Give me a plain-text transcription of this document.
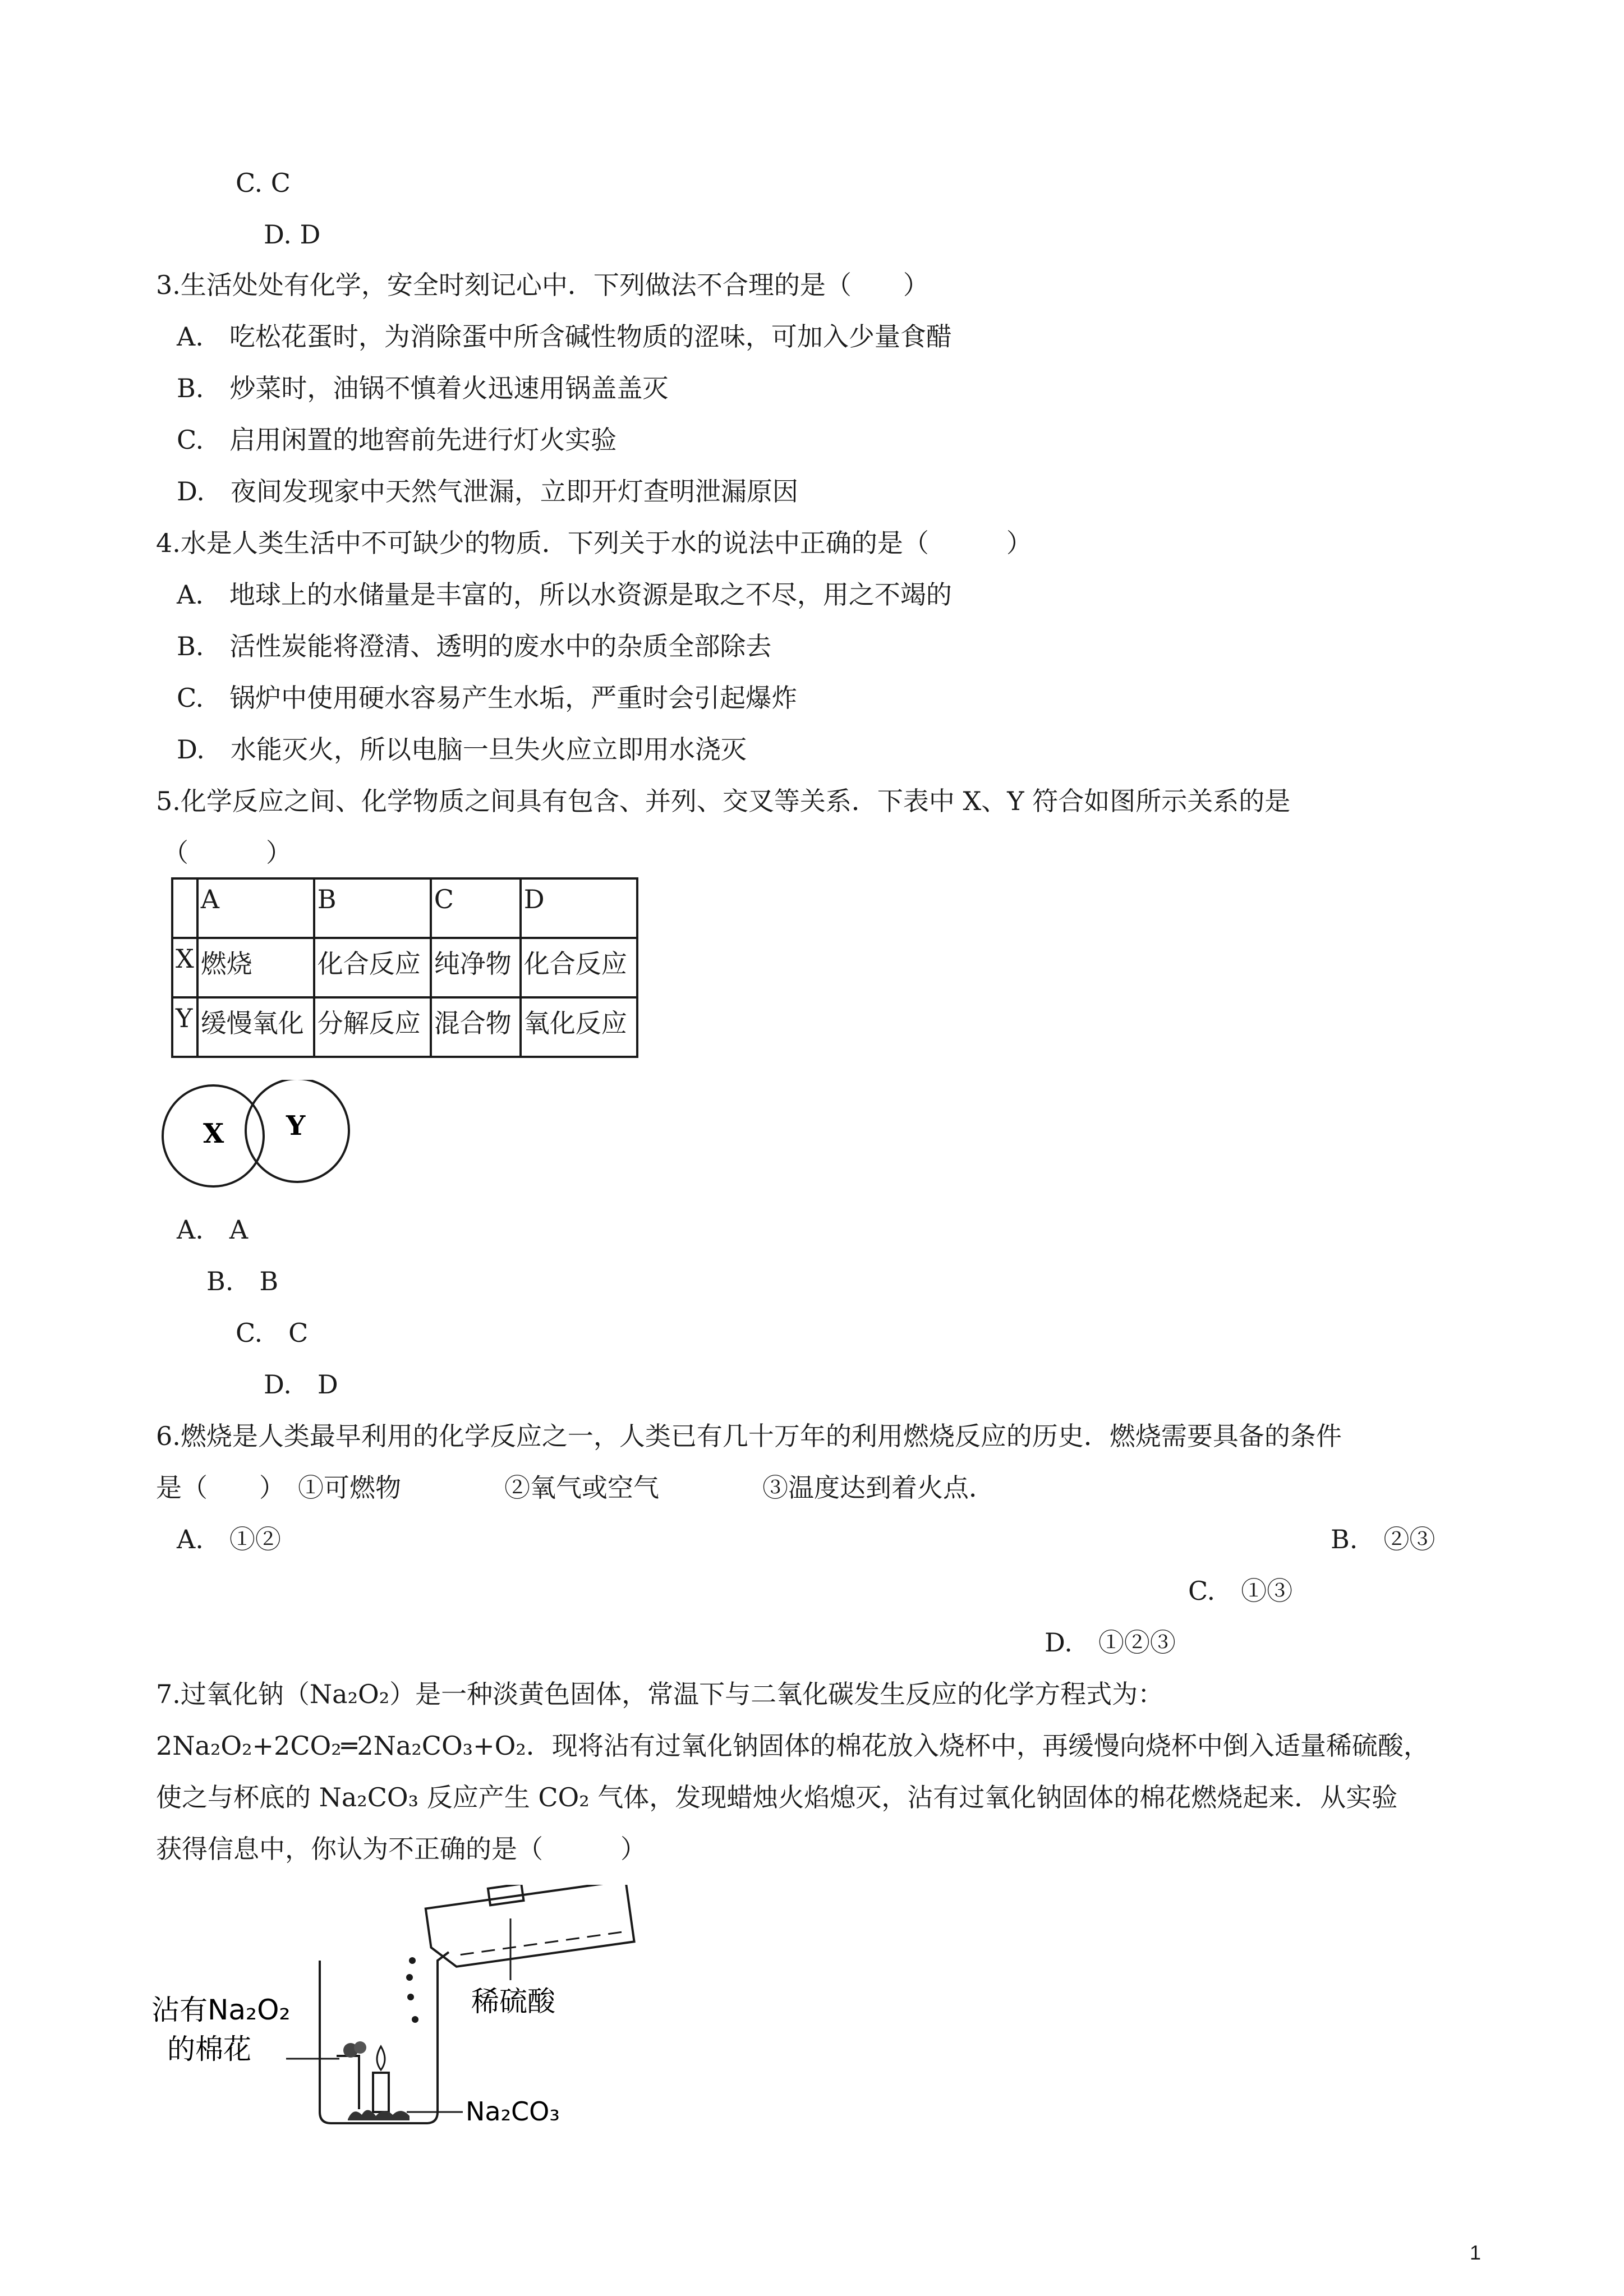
C. C
D. D
3.生活处处有化学，安全时刻记心中．下列做法不合理的是（　　）
A.　吃松花蛋时，为消除蛋中所含碱性物质的涩味，可加入少量食醋
B.　炒菜时，油锅不慎着火迅速用锅盖盖灭
C.　启用闲置的地窖前先进行灯火实验
D.　夜间发现家中天然气泄漏，立即开灯查明泄漏原因
4.水是人类生活中不可缺少的物质．下列关于水的说法中正确的是（　　　）
A.　地球上的水储量是丰富的，所以水资源是取之不尽，用之不竭的
B.　活性炭能将澄清、透明的废水中的杂质全部除去
C.　锅炉中使用硬水容易产生水垢，严重时会引起爆炸
D.　水能灭火，所以电脑一旦失火应立即用水浇灭
5.化学反应之间、化学物质之间具有包含、并列、交叉等关系．下表中 X、Y 符合如图所示关系的是
（　　　）
	A	B	C	D
X	燃烧	化合反应	纯净物	化合反应
Y	缓慢氧化	分解反应	混合物	氧化反应
X Y
A.　A
B.　B
C.　C
D.　D
6.燃烧是人类最早利用的化学反应之一，人类已有几十万年的利用燃烧反应的历史．燃烧需要具备的条件
是（　　）　①可燃物　　　　②氧气或空气　　　　③温度达到着火点．
A.　①②	B.　②③
C.　①③
D.　①②③
7.过氧化钠（Na₂O₂）是一种淡黄色固体，常温下与二氧化碳发生反应的化学方程式为：
2Na₂O₂+2CO₂═2Na₂CO₃+O₂．现将沾有过氧化钠固体的棉花放入烧杯中，再缓慢向烧杯中倒入适量稀硫酸，
使之与杯底的 Na₂CO₃ 反应产生 CO₂ 气体，发现蜡烛火焰熄灭，沾有过氧化钠固体的棉花燃烧起来．从实验
获得信息中，你认为不正确的是（　　　）
稀硫酸
沾有Na₂O₂
的棉花
Na₂CO₃
1
